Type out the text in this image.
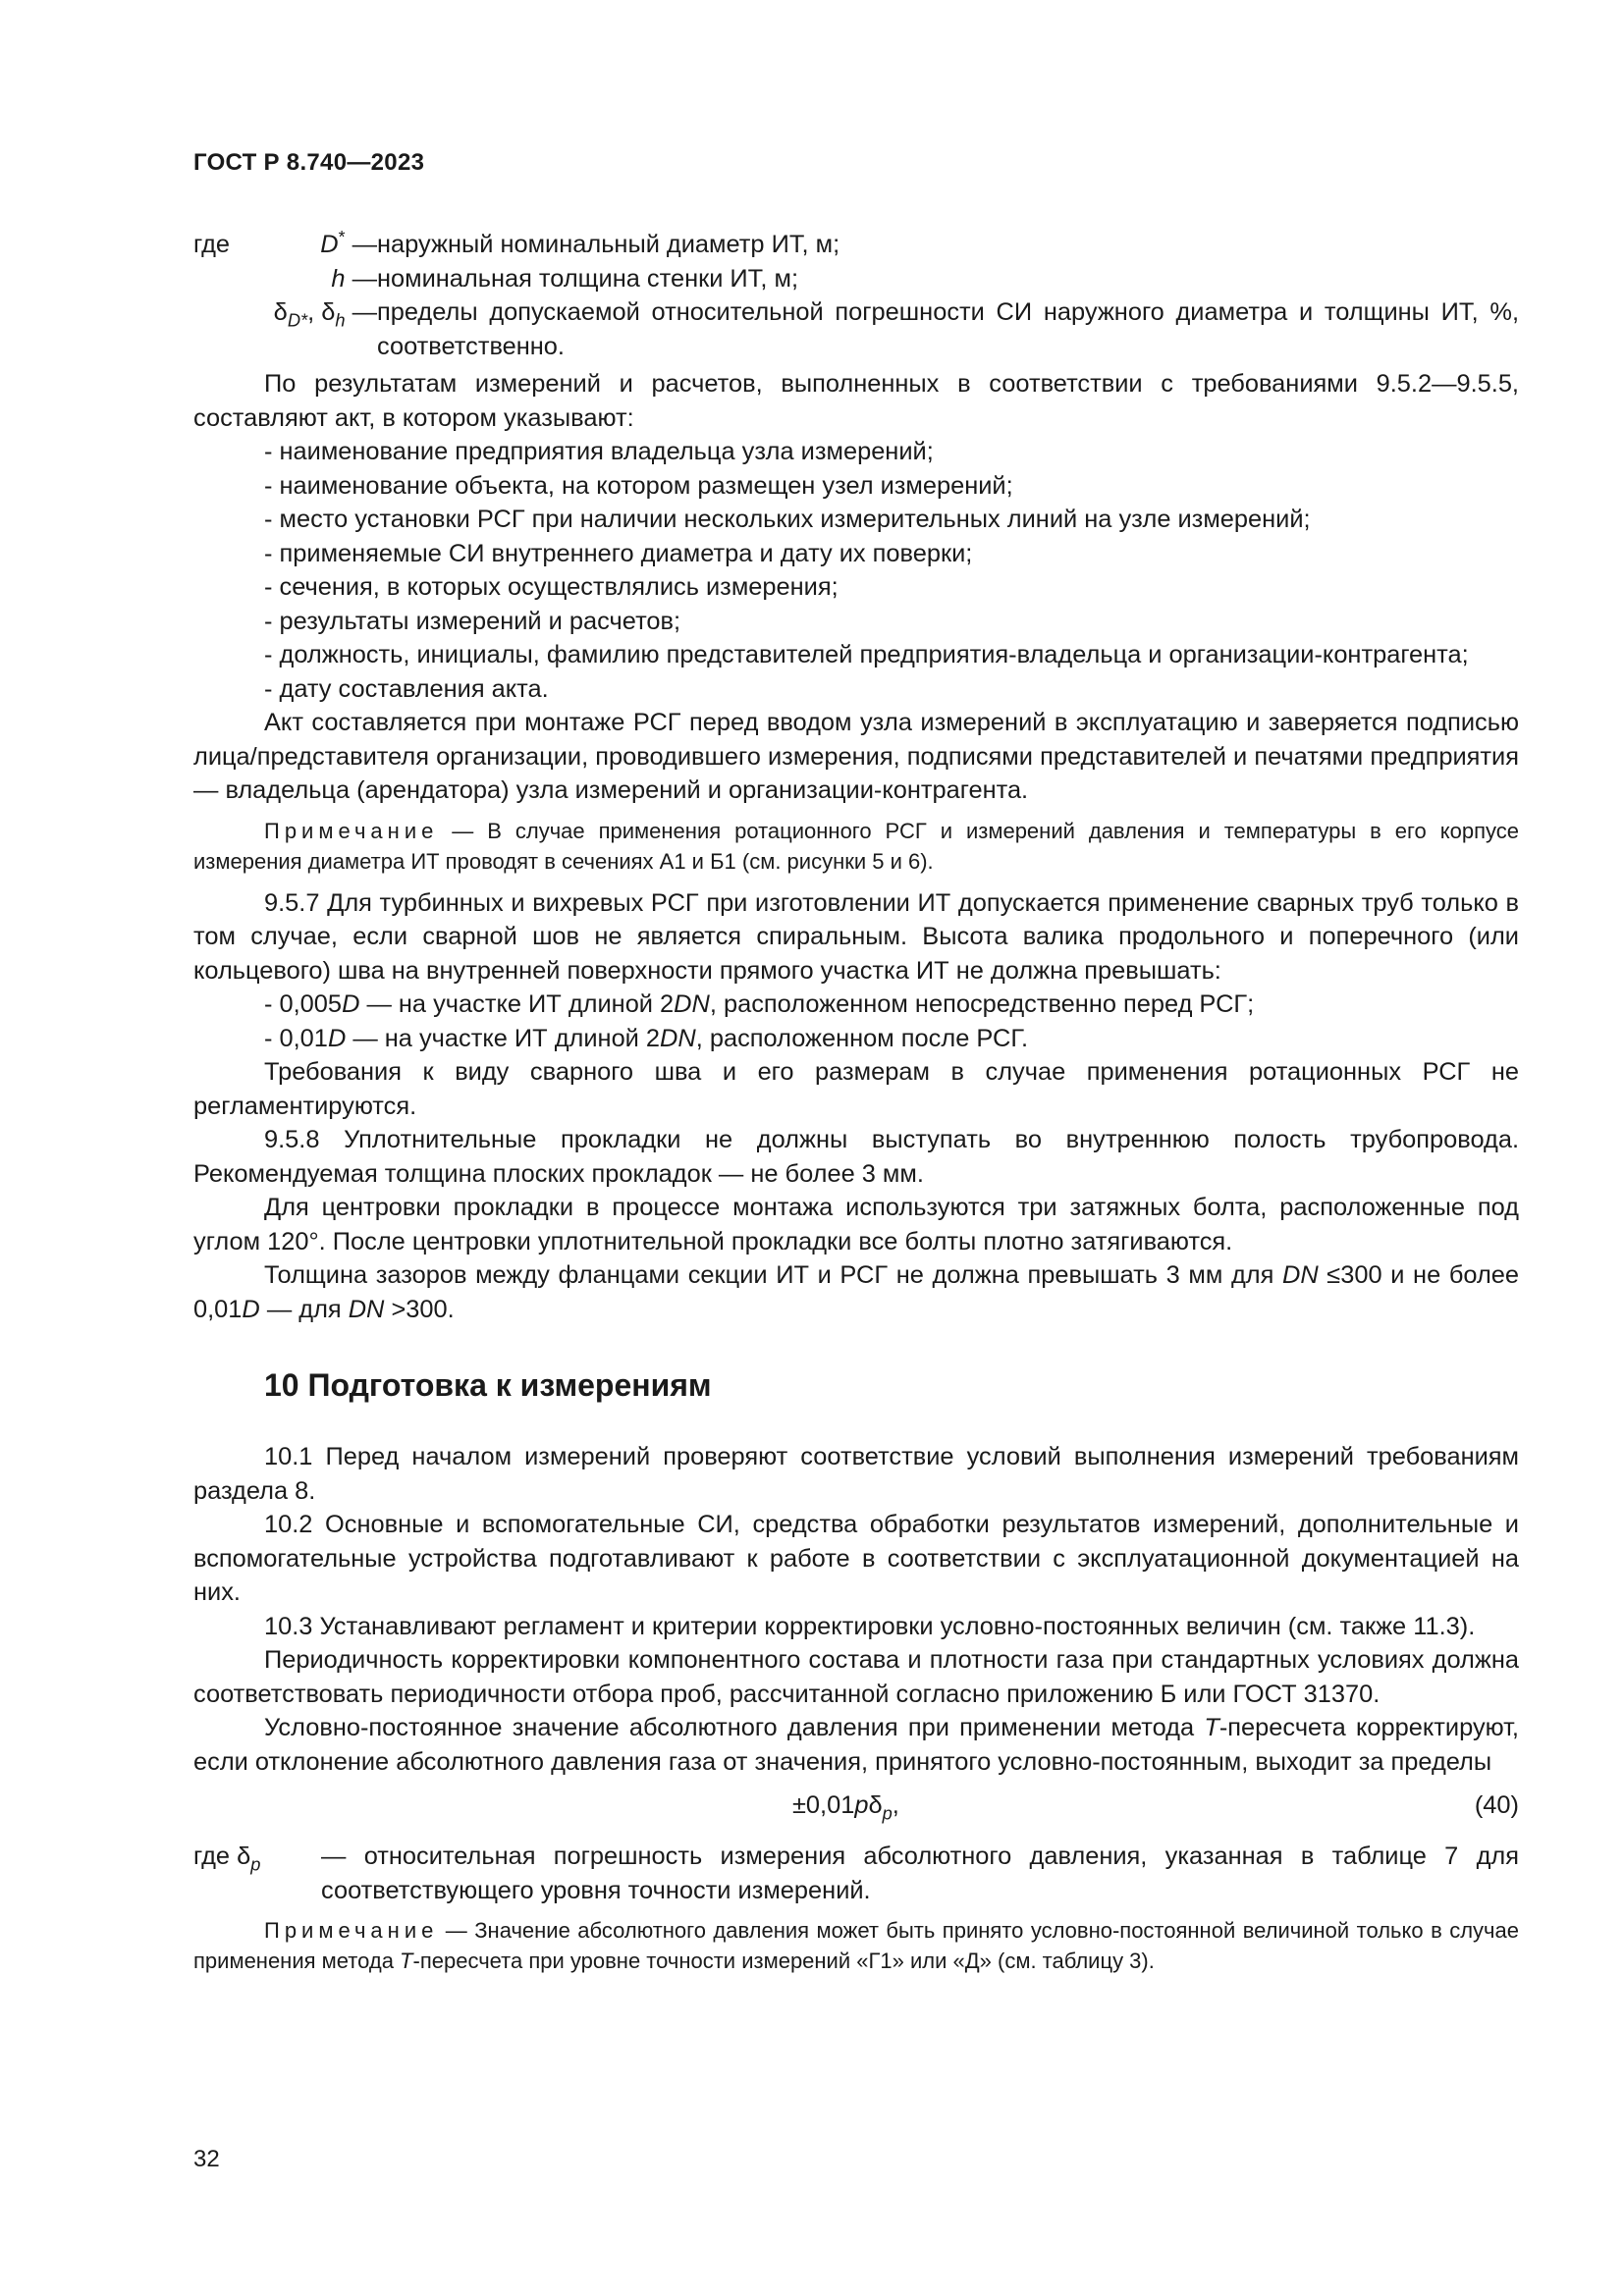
ГОСТ Р 8.740—2023
где	D* — наружный номинальный диаметр ИТ, м;
h — номинальная толщина стенки ИТ, м;
$\delta_{D*}$, $\delta_h$ — пределы допускаемой относительной погрешности СИ наружного диаметра и толщины ИТ, %, соответственно.

По результатам измерений и расчетов, выполненных в соответствии с требованиями 9.5.2—9.5.5, составляют акт, в котором указывают:

- наименование предприятия владельца узла измерений;

- наименование объекта, на котором размещен узел измерений;

- место установки РСГ при наличии нескольких измерительных линий на узле измерений;

- применяемые СИ внутреннего диаметра и дату их поверки;

- сечения, в которых осуществлялись измерения;

- результаты измерений и расчетов;

- должность, инициалы, фамилию представителей предприятия-владельца и организации-контрагента;

- дату составления акта.

Акт составляется при монтаже РСГ перед вводом узла измерений в эксплуатацию и заверяется подписью лица/представителя организации, проводившего измерения, подписями представителей и печатями предприятия — владельца (арендатора) узла измерений и организации-контрагента.

Примечание — В случае применения ротационного РСГ и измерений давления и температуры в его корпусе измерения диаметра ИТ проводят в сечениях А1 и Б1 (см. рисунки 5 и 6).

9.5.7 Для турбинных и вихревых РСГ при изготовлении ИТ допускается применение сварных труб только в том случае, если сварной шов не является спиральным. Высота валика продольного и поперечного (или кольцевого) шва на внутренней поверхности прямого участка ИТ не должна превышать:

- 0,005D — на участке ИТ длиной 2DN, расположенном непосредственно перед РСГ;

- 0,01D — на участке ИТ длиной 2DN, расположенном после РСГ.

Требования к виду сварного шва и его размерам в случае применения ротационных РСГ не регламентируются.

9.5.8 Уплотнительные прокладки не должны выступать во внутреннюю полость трубопровода. Рекомендуемая толщина плоских прокладок — не более 3 мм.

Для центровки прокладки в процессе монтажа используются три затяжных болта, расположенные под углом 120°. После центровки уплотнительной прокладки все болты плотно затягиваются.

Толщина зазоров между фланцами секции ИТ и РСГ не должна превышать 3 мм для DN ≤300 и не более 0,01D — для DN >300.

10 Подготовка к измерениям

10.1 Перед началом измерений проверяют соответствие условий выполнения измерений требованиям раздела 8.

10.2 Основные и вспомогательные СИ, средства обработки результатов измерений, дополнительные и вспомогательные устройства подготавливают к работе в соответствии с эксплуатационной документацией на них.

10.3 Устанавливают регламент и критерии корректировки условно-постоянных величин (см. также 11.3).

Периодичность корректировки компонентного состава и плотности газа при стандартных условиях должна соответствовать периодичности отбора проб, рассчитанной согласно приложению Б или ГОСТ 31370.

Условно-постоянное значение абсолютного давления при применении метода T-пересчета корректируют, если отклонение абсолютного давления газа от значения, принятого условно-постоянным, выходит за пределы

$\pm 0,01p\delta_p$,	(40)
где $\delta_p$ — относительная погрешность измерения абсолютного давления, указанная в таблице 7 для соответствующего уровня точности измерений.

Примечание — Значение абсолютного давления может быть принято условно-постоянной величиной только в случае применения метода T-пересчета при уровне точности измерений «Г1» или «Д» (см. таблицу 3).

32
